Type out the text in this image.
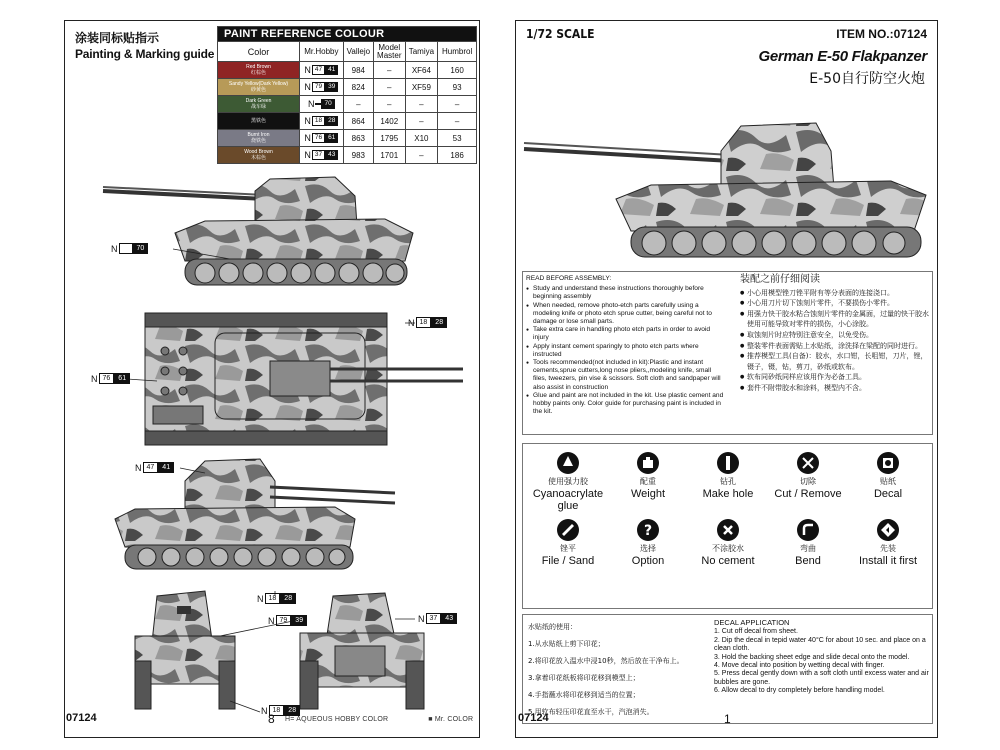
涂装同标贴指示
Painting & Marking guide
PAINT REFERENCE COLOUR					
Color	Mr.Hobby	Vallejo	Model
Master	Tamiya	Humbrol

Red Brown
红棕色	N 47 41	984	–	XF64	160

Sandy Yellow(Dark Yellow)
砂黄色	N 79 39	824	–	XF59	93

Dark Green
战车绿	N 70	–	–	–	–

黑铁色	N 18 28	864	1402	–	–

Burnt Iron
烧铁色	N 76 61	863	1795	X10	53

Wood Brown
木棕色	N 37 43	983	1701	–	186
N
	70
N 18	28
N 76	61
N 47	41
N 18	28
N 79	39	N 37	43
N 18	28
H= AQUEOUS HOBBY COLOR	■ Mr. COLOR
07124	8
1/72 SCALE	ITEM NO.:07124
German E-50 Flakpanzer
E-50自行防空火炮
READ BEFORE ASSEMBLY:
● Study and understand these instructions thoroughly before beginning assembly
● When needed, remove photo-etch parts carefully using a modeling knife or photo etch sprue cutter, being careful not to damage or lose small parts.
● Take extra care in handling photo etch parts in order to avoid injury
● Apply instant cement sparingly to photo etch parts where instructed
● Tools recommended(not included in kit):Plastic and instant cements,sprue cutters,long nose pliers,,modeling knife, small files, tweezers, pin vise & scissors. Soft cloth and sandpaper will also assist in construction
● Glue and paint are not included in the kit. Use plastic cement and hobby paints only. Color guide for purchasing paint is included in the kit.
装配之前仔细阅读
● 小心用模型锉刀锉平附有等分表面的连接浇口。
● 小心用刀片切下蚀刻片零件，不要损伤小零件。
● 用强力快干胶水粘合蚀刻片零件的金属面，过量的快干胶水使用可能导致对零件的损伤，小心涂胶。
● 取蚀刻片时应特别注意安全，以免受伤。
● 整装零件表面需贴上水贴纸，涂洗择在梁配的同时进行。
● 推荐模型工具(自备)：胶水，水口钳，长咀钳，刀片，锉，镊子，镊，钻，剪刀，砂纸或软布。
● 软布同砂纸同样应该用作为必备工具。
● 套件不附带胶水和涂料，模型内不含。
使用强力胶
Cyanoacrylate glue
配重
Weight
钻孔
Make hole
切除
Cut / Remove
贴纸
Decal
锉平
File / Sand
?
选择
Option
不涂胶水
No cement
弯曲
Bend
先装
Install it first
水贴纸的使用：
1.从水贴纸上剪下印花；
2.将印花放入温水中浸10秒，然后放在干净布上。
3.拿着印花纸板将印花移到模型上；
4.手指蘸水将印花移到适当的位置；
5.用软布轻压印花直至水干，汽泡消失。
DECAL APPLICATION
1. Cut off decal from sheet.
2. Dip the decal in tepid water 40°C for about 10 sec. and place on a clean cloth.
3. Hold the backing sheet edge and slide decal onto the model.
4. Move decal into position by wetting decal with finger.
5. Press decal gently down with a soft cloth until excess water and air bubbles are gone.
6. Allow decal to dry completely before handling model.
07124	1
